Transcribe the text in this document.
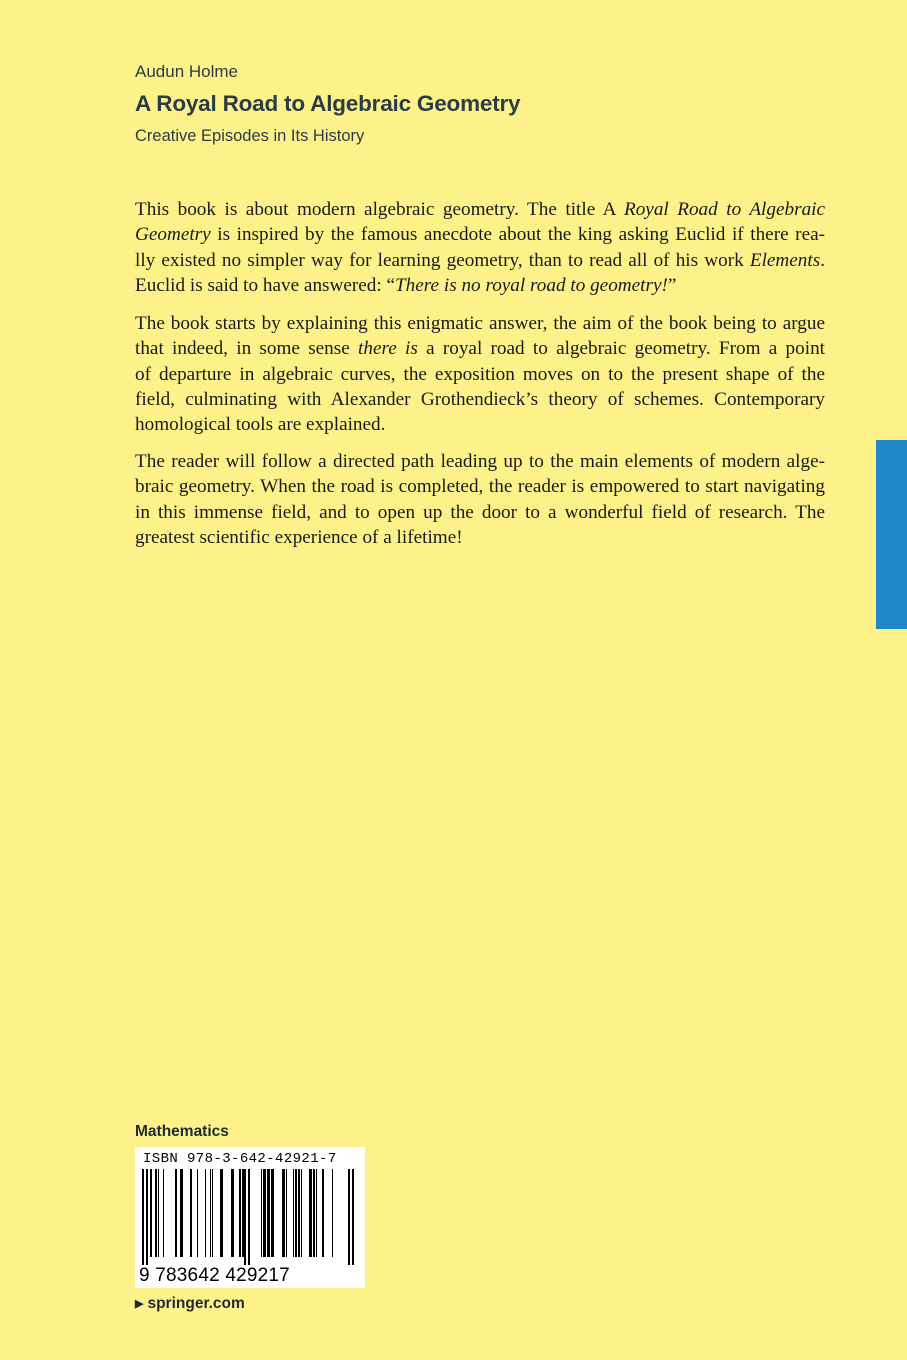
Audun Holme
A Royal Road to Algebraic Geometry
Creative Episodes in Its History

This book is about modern algebraic geometry. The title A Royal Road to Algebraic
Geometry is inspired by the famous anecdote about the king asking Euclid if there rea-
lly existed no simpler way for learning geometry, than to read all of his work Elements.
Euclid is said to have answered: “There is no royal road to geometry!”

The book starts by explaining this enigmatic answer, the aim of the book being to argue
that indeed, in some sense there is a royal road to algebraic geometry. From a point
of departure in algebraic curves, the exposition moves on to the present shape of the
field, culminating with Alexander Grothendieck’s theory of schemes. Contemporary
homological tools are explained.

The reader will follow a directed path leading up to the main elements of modern alge-
braic geometry. When the road is completed, the reader is empowered to start navigating
in this immense field, and to open up the door to a wonderful field of research. The
greatest scientific experience of a lifetime!

Mathematics
ISBN 978-3-642-42921-7
9 783642 429217
▶ springer.com
